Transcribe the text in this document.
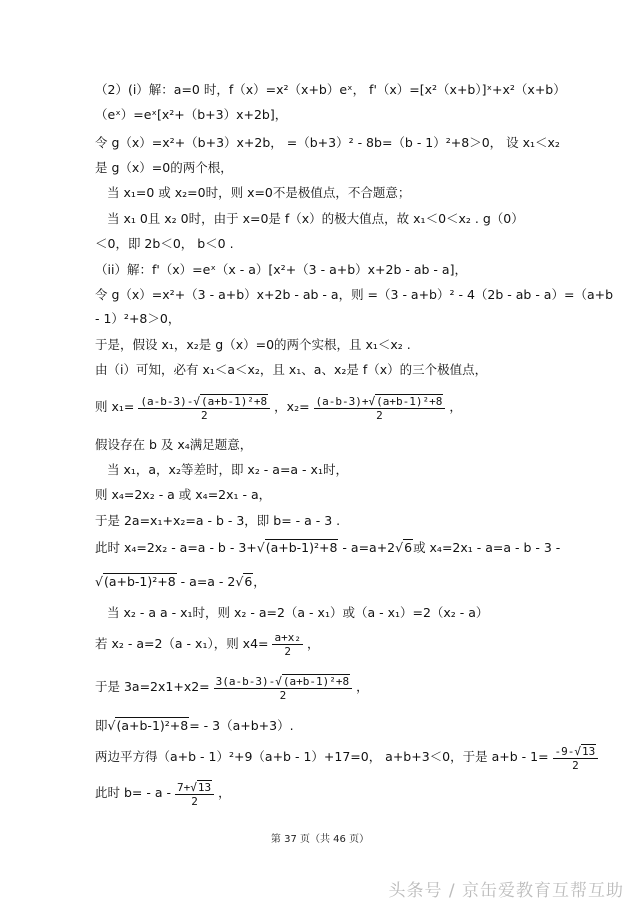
（2）(i）解：a=0 时，f（x）=x²（x+b）eˣ， f'（x）=[x²（x+b）]ˣ+x²（x+b）
（eˣ）=eˣ[x²+（b+3）x+2b]，
令 g（x）=x²+（b+3）x+2b， =（b+3）² - 8b=（b - 1）²+8＞0， 设 x₁＜x₂
是 g（x）=0的两个根，
当 x₁=0 或 x₂=0时，则 x=0不是极值点，不合题意；
当 x₁ 0且 x₂ 0时，由于 x=0是 f（x）的极大值点，故 x₁＜0＜x₂ . g（0）
＜0，即 2b＜0， b＜0 .
（ii）解：f'（x）=eˣ（x - a）[x²+（3 - a+b）x+2b - ab - a]，
令 g（x）=x²+（3 - a+b）x+2b - ab - a，则 =（3 - a+b）² - 4（2b - ab - a）=（a+b
- 1）²+8＞0，
于是，假设 x₁，x₂是 g（x）=0的两个实根，且 x₁＜x₂ .
由（i）可知，必有 x₁＜a＜x₂，且 x₁、a、x₂是 f（x）的三个极值点，
则 $x_1= \frac{\text{(a-b-3)-√(a+b-1)²+8}}{2}$ ，$x_2= \frac{\text{(a-b-3)+√(a+b-1)²+8}}{2}$ ，
假设存在 b 及 x₄满足题意，
当 x₁，a，x₂等差时，即 x₂ - a=a - x₁时，
则 x₄=2x₂ - a 或 x₄=2x₁ - a，
于是 2a=x₁+x₂=a - b - 3，即 b= - a - 3 .
此时 x₄=2x₂ - a=a - b - 3+√(a+b-1)²+8 - a=a+2√6或 x₄=2x₁ - a=a - b - 3 -
√(a+b-1)²+8 - a=a - 2√6，
当 x₂ - a a - x₁时，则 x₂ - a=2（a - x₁）或（a - x₁）=2（x₂ - a）
若 x₂ - a=2（a - x₁），则 $x4= \frac{\text{a+x₂}}{2}$ ，
于是 $3a=2x1+x2= \frac{\text{3(a-b-3)-√(a+b-1)²+8}}{2}$ ，
即√(a+b-1)²+8= - 3（a+b+3）.
两边平方得（a+b - 1）²+9（a+b - 1）+17=0， a+b+3＜0，于是 $a+b - 1= \frac{-9-√13}{2}$
此时 $b= - a - \frac{7+√13}{2}$ ，
第 37 页（共 46 页）
头条号 / 京缶爱教育互帮互助
